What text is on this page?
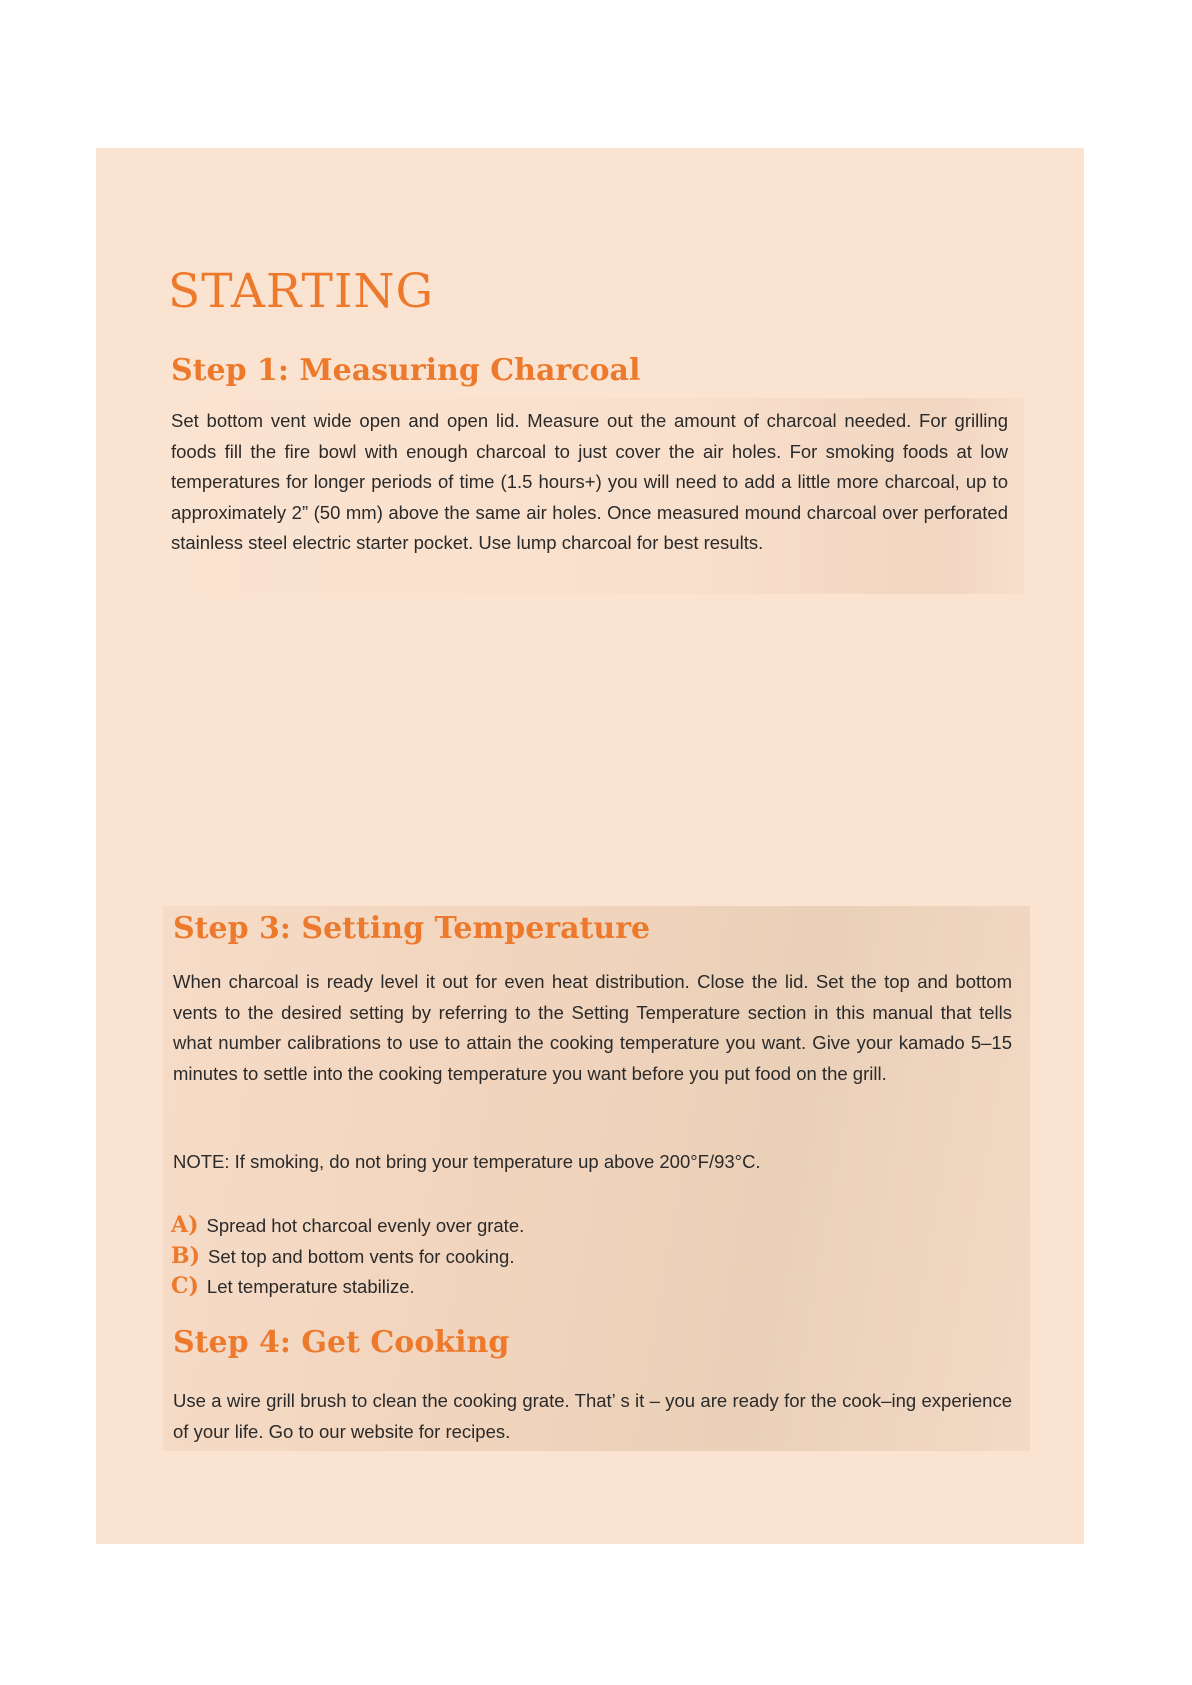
STARTING
Step 1: Measuring Charcoal

Set bottom vent wide open and open lid. Measure out the amount of charcoal needed. For grilling foods fill the fire bowl with enough charcoal to just cover the air holes. For smoking foods at low temperatures for longer periods of time (1.5 hours+) you will need to add a little more charcoal, up to approximately 2” (50 mm) above the same air holes. Once measured mound charcoal over perforated stainless steel electric starter pocket. Use lump charcoal for best results.

Step 3: Setting Temperature

When charcoal is ready level it out for even heat distribution. Close the lid. Set the top and bottom vents to the desired setting by referring to the Setting Temperature section in this manual that tells what number calibrations to use to attain the cooking temperature you want. Give your kamado 5–15 minutes to settle into the cooking temperature you want before you put food on the grill.

NOTE: If smoking, do not bring your temperature up above 200°F/93°C.

A) Spread hot charcoal evenly over grate.
B) Set top and bottom vents for cooking.
C) Let temperature stabilize.
Step 4: Get Cooking

Use a wire grill brush to clean the cooking grate. That’ s it – you are ready for the cook–ing experience of your life. Go to our website for recipes.
